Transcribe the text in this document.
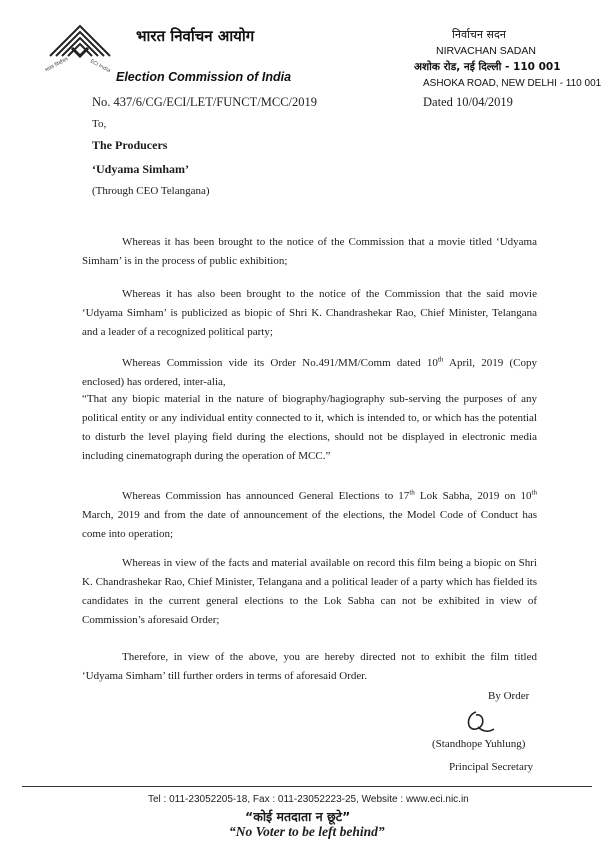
भारत निर्वाचन	ECI India
भारत निर्वाचन आयोग
Election Commission of India
निर्वाचन सदन
NIRVACHAN SADAN
अशोक रोड, नई दिल्ली - 110 001
ASHOKA ROAD, NEW DELHI - 110 001
No. 437/6/CG/ECI/LET/FUNCT/MCC/2019	Dated 10/04/2019
To,
The Producers
‘Udyama Simham’
(Through CEO Telangana)

Whereas it has been brought to the notice of the Commission that a movie titled ‘Udyama Simham’ is in the process of public exhibition;

Whereas it has also been brought to the notice of the Commission that the said movie ‘Udyama Simham’ is publicized as biopic of Shri K. Chandrashekar Rao, Chief Minister, Telangana and a leader of a recognized political party;

Whereas Commission vide its Order No.491/MM/Comm dated 10th April, 2019 (Copy enclosed) has ordered, inter-alia,

“That any biopic material in the nature of biography/hagiography sub-serving the purposes of any political entity or any individual entity connected to it, which is intended to, or which has the potential to disturb the level playing field during the elections, should not be displayed in electronic media including cinematograph during the operation of MCC.”

Whereas Commission has announced General Elections to 17th Lok Sabha, 2019 on 10th March, 2019 and from the date of announcement of the elections, the Model Code of Conduct has come into operation;

Whereas in view of the facts and material available on record this film being a biopic on Shri K. Chandrashekar Rao, Chief Minister, Telangana and a political leader of a party which has fielded its candidates in the current general elections to the Lok Sabha can not be exhibited in view of Commission’s aforesaid Order;

Therefore, in view of the above, you are hereby directed not to exhibit the film titled ‘Udyama Simham’ till further orders in terms of aforesaid Order.

By Order
(Standhope Yuhlung)
Principal Secretary
Tel : 011-23052205-18, Fax : 011-23052223-25, Website : www.eci.nic.in
“कोई मतदाता न छूटे”
“No Voter to be left behind”
